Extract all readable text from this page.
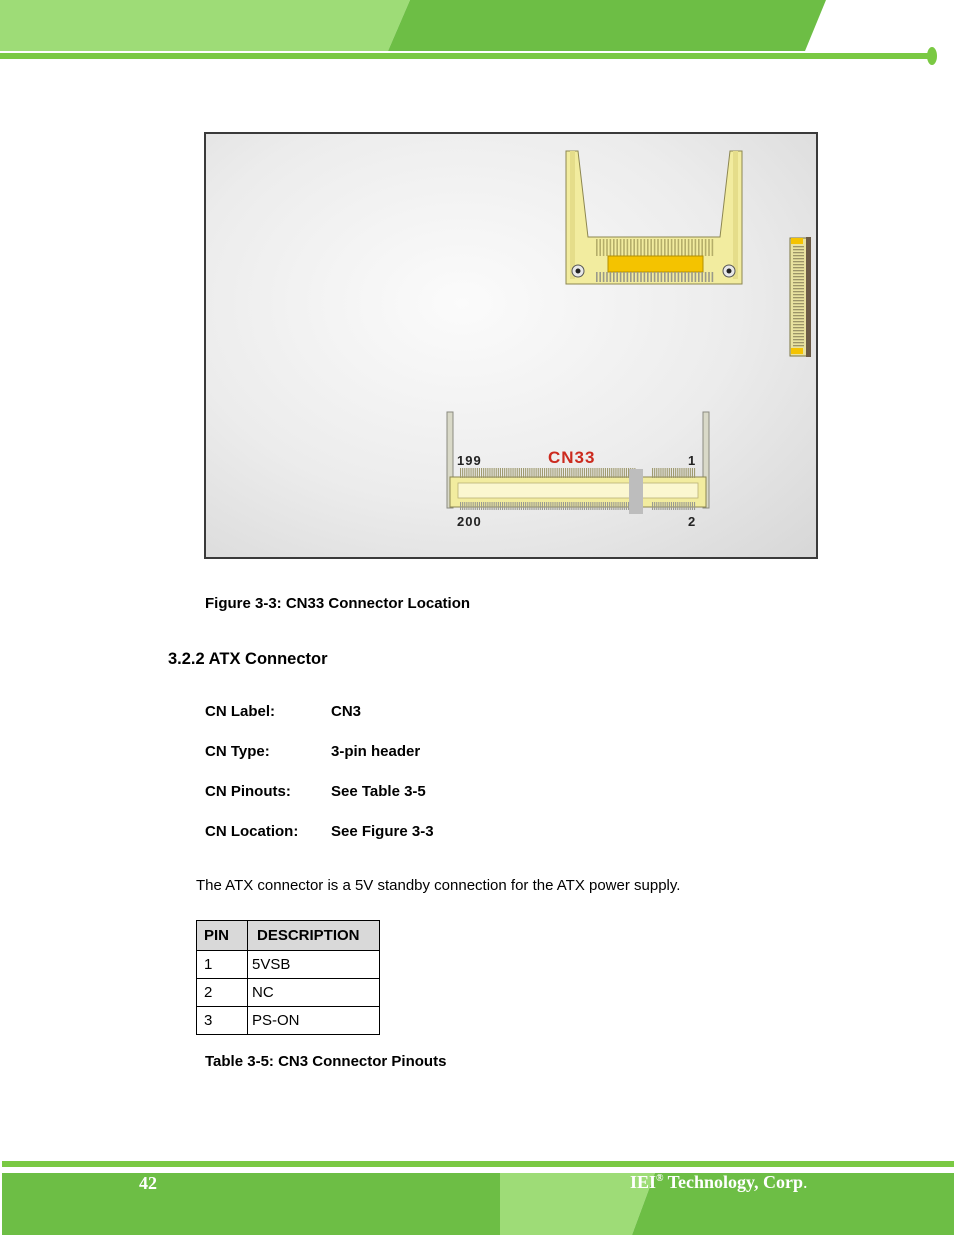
CN33
199	1
200	2
Figure 3-3: CN33 Connector Location
3.2.2 ATX Connector
CN Label:	CN3
CN Type:	3-pin header
CN Pinouts:	See Table 3-5
CN Location: See Figure 3-3
The ATX connector is a 5V standby connection for the ATX power supply.
PIN	DESCRIPTION
1	5VSB
2	NC
3	PS-ON
Table 3-5: CN3 Connector Pinouts
42	IEI® Technology, Corp.
